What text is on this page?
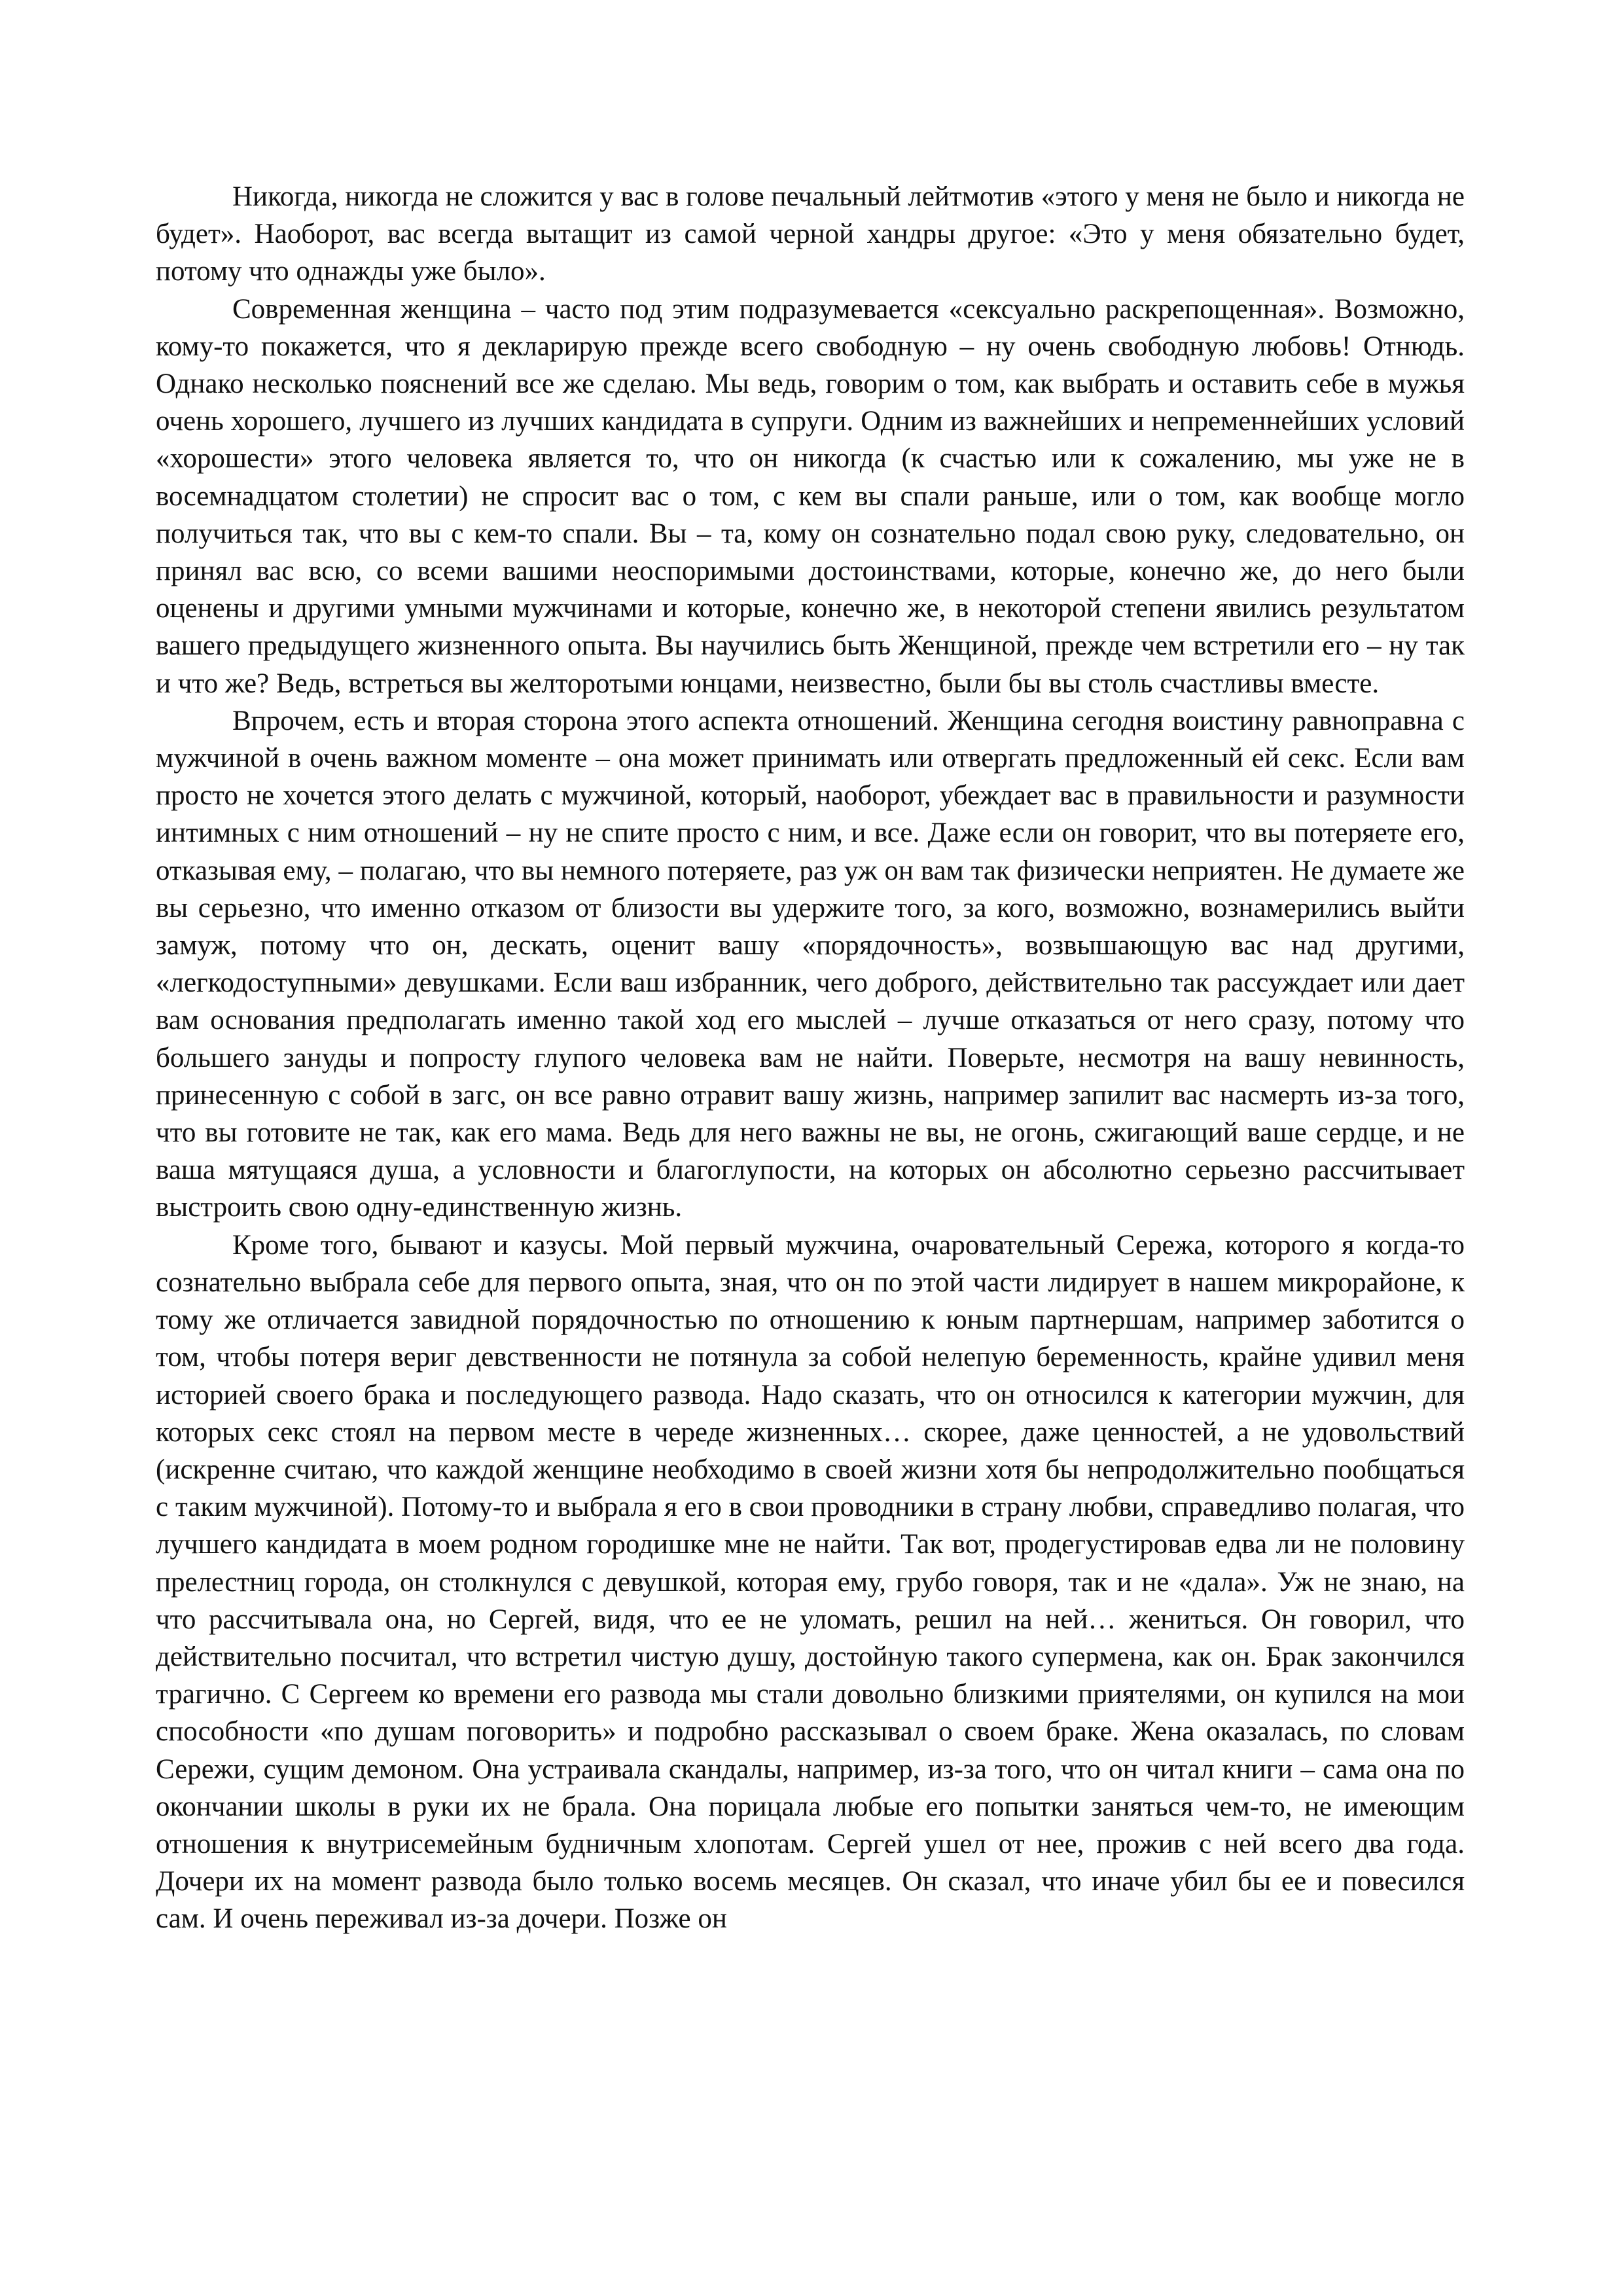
Никогда, никогда не сложится у вас в голове печальный лейтмотив «этого у меня не было и никогда не будет». Наоборот, вас всегда вытащит из самой черной хандры другое: «Это у меня обязательно будет, потому что однажды уже было».

Современная женщина – часто под этим подразумевается «сексуально раскрепощенная». Возможно, кому-то покажется, что я декларирую прежде всего свободную – ну очень свободную любовь! Отнюдь. Однако несколько пояснений все же сделаю. Мы ведь, говорим о том, как выбрать и оставить себе в мужья очень хорошего, лучшего из лучших кандидата в супруги. Одним из важнейших и непременнейших условий «хорошести» этого человека является то, что он никогда (к счастью или к сожалению, мы уже не в восемнадцатом столетии) не спросит вас о том, с кем вы спали раньше, или о том, как вообще могло получиться так, что вы с кем-то спали. Вы – та, кому он сознательно подал свою руку, следовательно, он принял вас всю, со всеми вашими неоспоримыми достоинствами, которые, конечно же, до него были оценены и другими умными мужчинами и которые, конечно же, в некоторой степени явились результатом вашего предыдущего жизненного опыта. Вы научились быть Женщиной, прежде чем встретили его – ну так и что же? Ведь, встреться вы желторотыми юнцами, неизвестно, были бы вы столь счастливы вместе.

Впрочем, есть и вторая сторона этого аспекта отношений. Женщина сегодня воистину равноправна с мужчиной в очень важном моменте – она может принимать или отвергать предложенный ей секс. Если вам просто не хочется этого делать с мужчиной, который, наоборот, убеждает вас в правильности и разумности интимных с ним отношений – ну не спите просто с ним, и все. Даже если он говорит, что вы потеряете его, отказывая ему, – полагаю, что вы немного потеряете, раз уж он вам так физически неприятен. Не думаете же вы серьезно, что именно отказом от близости вы удержите того, за кого, возможно, вознамерились выйти замуж, потому что он, дескать, оценит вашу «порядочность», возвышающую вас над другими, «легкодоступными» девушками. Если ваш избранник, чего доброго, действительно так рассуждает или дает вам основания предполагать именно такой ход его мыслей – лучше отказаться от него сразу, потому что большего зануды и попросту глупого человека вам не найти. Поверьте, несмотря на вашу невинность, принесенную с собой в загс, он все равно отравит вашу жизнь, например запилит вас насмерть из-за того, что вы готовите не так, как его мама. Ведь для него важны не вы, не огонь, сжигающий ваше сердце, и не ваша мятущаяся душа, а условности и благоглупости, на которых он абсолютно серьезно рассчитывает выстроить свою одну-единственную жизнь.

Кроме того, бывают и казусы. Мой первый мужчина, очаровательный Сережа, которого я когда-то сознательно выбрала себе для первого опыта, зная, что он по этой части лидирует в нашем микрорайоне, к тому же отличается завидной порядочностью по отношению к юным партнершам, например заботится о том, чтобы потеря вериг девственности не потянула за собой нелепую беременность, крайне удивил меня историей своего брака и последующего развода. Надо сказать, что он относился к категории мужчин, для которых секс стоял на первом месте в череде жизненных… скорее, даже ценностей, а не удовольствий (искренне считаю, что каждой женщине необходимо в своей жизни хотя бы непродолжительно пообщаться с таким мужчиной). Потому-то и выбрала я его в свои проводники в страну любви, справедливо полагая, что лучшего кандидата в моем родном городишке мне не найти. Так вот, продегустировав едва ли не половину прелестниц города, он столкнулся с девушкой, которая ему, грубо говоря, так и не «дала». Уж не знаю, на что рассчитывала она, но Сергей, видя, что ее не уломать, решил на ней… жениться. Он говорил, что действительно посчитал, что встретил чистую душу, достойную такого супермена, как он. Брак закончился трагично. С Сергеем ко времени его развода мы стали довольно близкими приятелями, он купился на мои способности «по душам поговорить» и подробно рассказывал о своем браке. Жена оказалась, по словам Сережи, сущим демоном. Она устраивала скандалы, например, из-за того, что он читал книги – сама она по окончании школы в руки их не брала. Она порицала любые его попытки заняться чем-то, не имеющим отношения к внутрисемейным будничным хлопотам. Сергей ушел от нее, прожив с ней всего два года. Дочери их на момент развода было только восемь месяцев. Он сказал, что иначе убил бы ее и повесился сам. И очень переживал из-за дочери. Позже он
